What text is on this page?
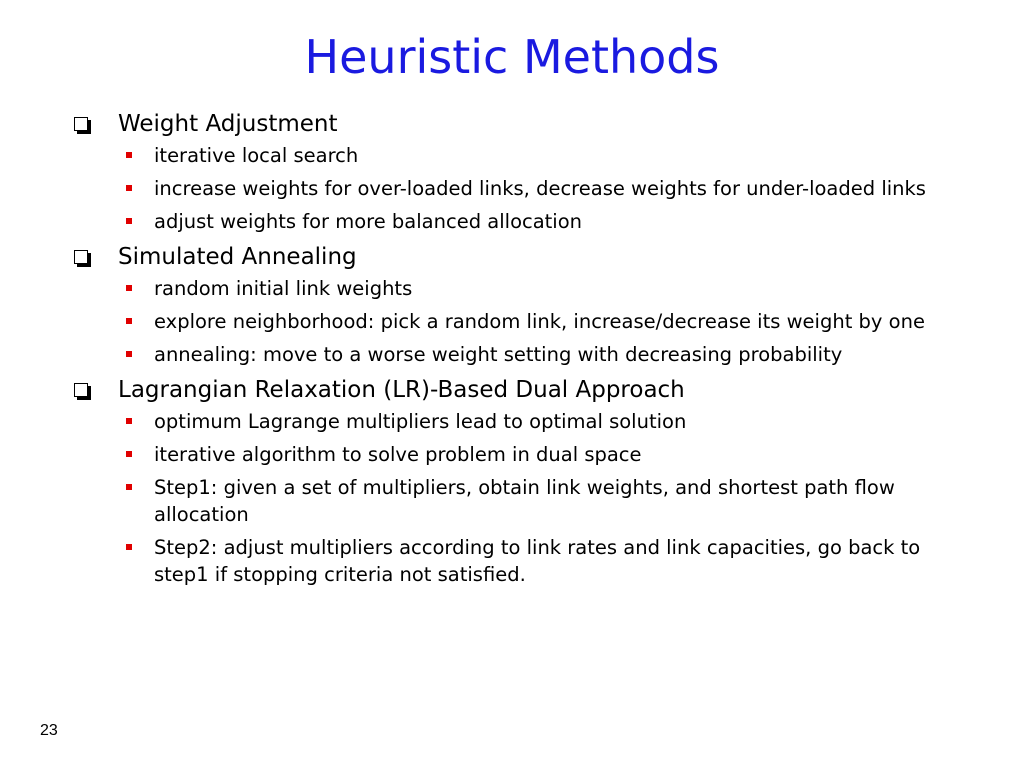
Heuristic Methods
Weight Adjustment
iterative local search
increase weights for over-loaded links, decrease weights for under-loaded links
adjust weights for more balanced allocation
Simulated Annealing
random initial link weights
explore neighborhood: pick a random link, increase/decrease its weight by one
annealing: move to a worse weight setting with decreasing probability
Lagrangian Relaxation (LR)-Based Dual Approach
optimum Lagrange multipliers lead to optimal solution
iterative algorithm to solve problem in dual space
Step1: given a set of multipliers, obtain link weights, and shortest path flow allocation
Step2: adjust multipliers according to link rates and link capacities, go back to step1 if stopping criteria not satisfied.
23
